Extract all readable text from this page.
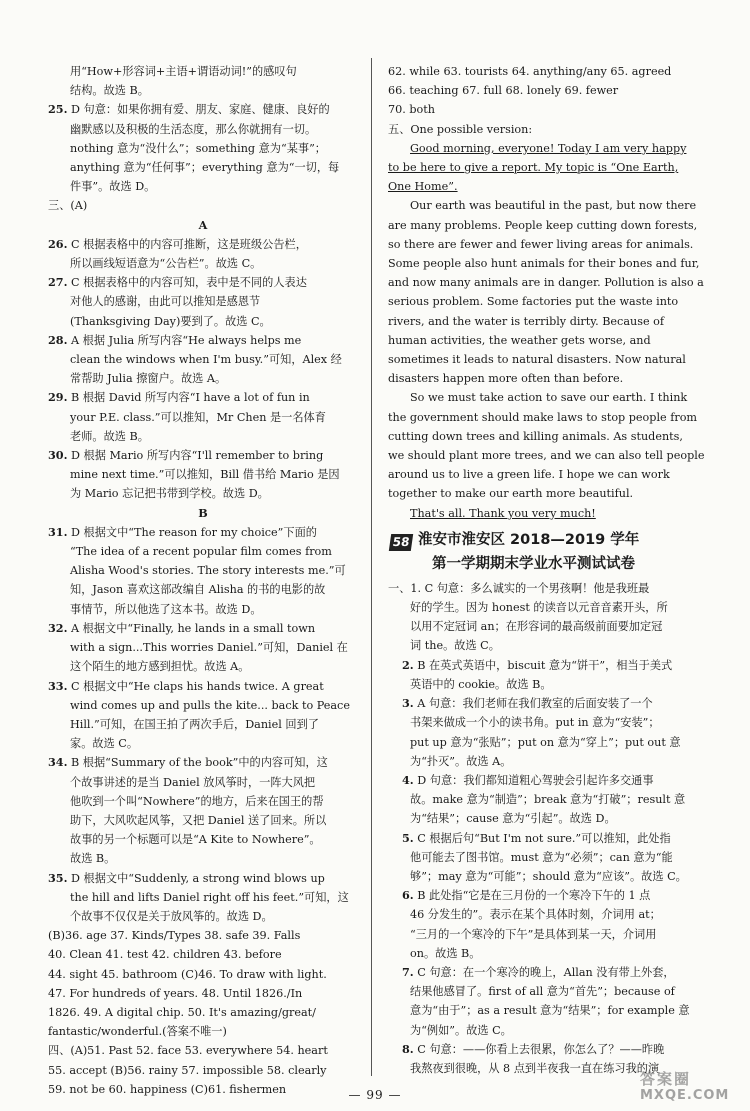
用“How+形容词+主语+谓语动词!”的感叹句

结构。故选 B。

25. D 句意：如果你拥有爱、朋友、家庭、健康、良好的

幽默感以及积极的生活态度，那么你就拥有一切。

nothing 意为“没什么”；something 意为“某事”；

anything 意为“任何事”；everything 意为“一切，每

件事”。故选 D。

三、(A)

A

26. C 根据表格中的内容可推断，这是班级公告栏，

所以画线短语意为“公告栏”。故选 C。

27. C 根据表格中的内容可知，表中是不同的人表达

对他人的感谢，由此可以推知是感恩节

(Thanksgiving Day)要到了。故选 C。

28. A 根据 Julia 所写内容“He always helps me

clean the windows when I'm busy.”可知，Alex 经

常帮助 Julia 擦窗户。故选 A。

29. B 根据 David 所写内容“I have a lot of fun in

your P.E. class.”可以推知，Mr Chen 是一名体育

老师。故选 B。

30. D 根据 Mario 所写内容“I'll remember to bring

mine next time.”可以推知，Bill 借书给 Mario 是因

为 Mario 忘记把书带到学校。故选 D。

B

31. D 根据文中“The reason for my choice”下面的

“The idea of a recent popular film comes from

Alisha Wood's stories. The story interests me.”可

知，Jason 喜欢这部改编自 Alisha 的书的电影的故

事情节，所以他选了这本书。故选 D。

32. A 根据文中“Finally, he lands in a small town

with a sign...This worries Daniel.”可知，Daniel 在

这个陌生的地方感到担忧。故选 A。

33. C 根据文中“He claps his hands twice. A great

wind comes up and pulls the kite... back to Peace

Hill.”可知，在国王拍了两次手后，Daniel 回到了

家。故选 C。

34. B 根据“Summary of the book”中的内容可知，这

个故事讲述的是当 Daniel 放风筝时，一阵大风把

他吹到一个叫“Nowhere”的地方，后来在国王的帮

助下，大风吹起风筝，又把 Daniel 送了回来。所以

故事的另一个标题可以是“A Kite to Nowhere”。

故选 B。

35. D 根据文中“Suddenly, a strong wind blows up

the hill and lifts Daniel right off his feet.”可知，这

个故事不仅仅是关于放风筝的。故选 D。

(B)36. age 37. Kinds/Types 38. safe 39. Falls

40. Clean 41. test 42. children 43. before

44. sight 45. bathroom (C)46. To draw with light.

47. For hundreds of years. 48. Until 1826./In

1826. 49. A digital chip. 50. It's amazing/great/

fantastic/wonderful.(答案不唯一)

四、(A)51. Past 52. face 53. everywhere 54. heart

55. accept (B)56. rainy 57. impossible 58. clearly

59. not be 60. happiness (C)61. fishermen

62. while 63. tourists 64. anything/any 65. agreed

66. teaching 67. full 68. lonely 69. fewer

70. both

五、One possible version:

Good morning, everyone! Today I am very happy

to be here to give a report. My topic is “One Earth,

One Home”.

Our earth was beautiful in the past, but now there

are many problems. People keep cutting down forests,

so there are fewer and fewer living areas for animals.

Some people also hunt animals for their bones and fur,

and now many animals are in danger. Pollution is also a

serious problem. Some factories put the waste into

rivers, and the water is terribly dirty. Because of

human activities, the weather gets worse, and

sometimes it leads to natural disasters. Now natural

disasters happen more often than before.

So we must take action to save our earth. I think

the government should make laws to stop people from

cutting down trees and killing animals. As students,

we should plant more trees, and we can also tell people

around us to live a green life. I hope we can work

together to make our earth more beautiful.

That's all. Thank you very much!

58 淮安市淮安区 2018—2019 学年
第一学期期末学业水平测试试卷

一、1. C 句意：多么诚实的一个男孩啊！他是我班最

好的学生。因为 honest 的读音以元音音素开头，所

以用不定冠词 an；在形容词的最高级前面要加定冠

词 the。故选 C。

2. B 在英式英语中，biscuit 意为“饼干”，相当于美式

英语中的 cookie。故选 B。

3. A 句意：我们老师在我们教室的后面安装了一个

书架来做成一个小的读书角。put in 意为“安装”；

put up 意为“张贴”；put on 意为“穿上”；put out 意

为“扑灭”。故选 A。

4. D 句意：我们都知道粗心驾驶会引起许多交通事

故。make 意为“制造”；break 意为“打破”；result 意

为“结果”；cause 意为“引起”。故选 D。

5. C 根据后句“But I'm not sure.”可以推知，此处指

他可能去了图书馆。must 意为“必须”；can 意为“能

够”；may 意为“可能”；should 意为“应该”。故选 C。

6. B 此处指“它是在三月份的一个寒冷下午的 1 点

46 分发生的”。表示在某个具体时刻，介词用 at；

“三月的一个寒冷的下午”是具体到某一天，介词用

on。故选 B。

7. C 句意：在一个寒冷的晚上，Allan 没有带上外套，

结果他感冒了。first of all 意为“首先”；because of

意为“由于”；as a result 意为“结果”；for example 意

为“例如”。故选 C。

8. C 句意：——你看上去很累，你怎么了？——昨晚

我熬夜到很晚，从 8 点到半夜我一直在练习我的演

— 99 —
答案圈
MXQE.COM
